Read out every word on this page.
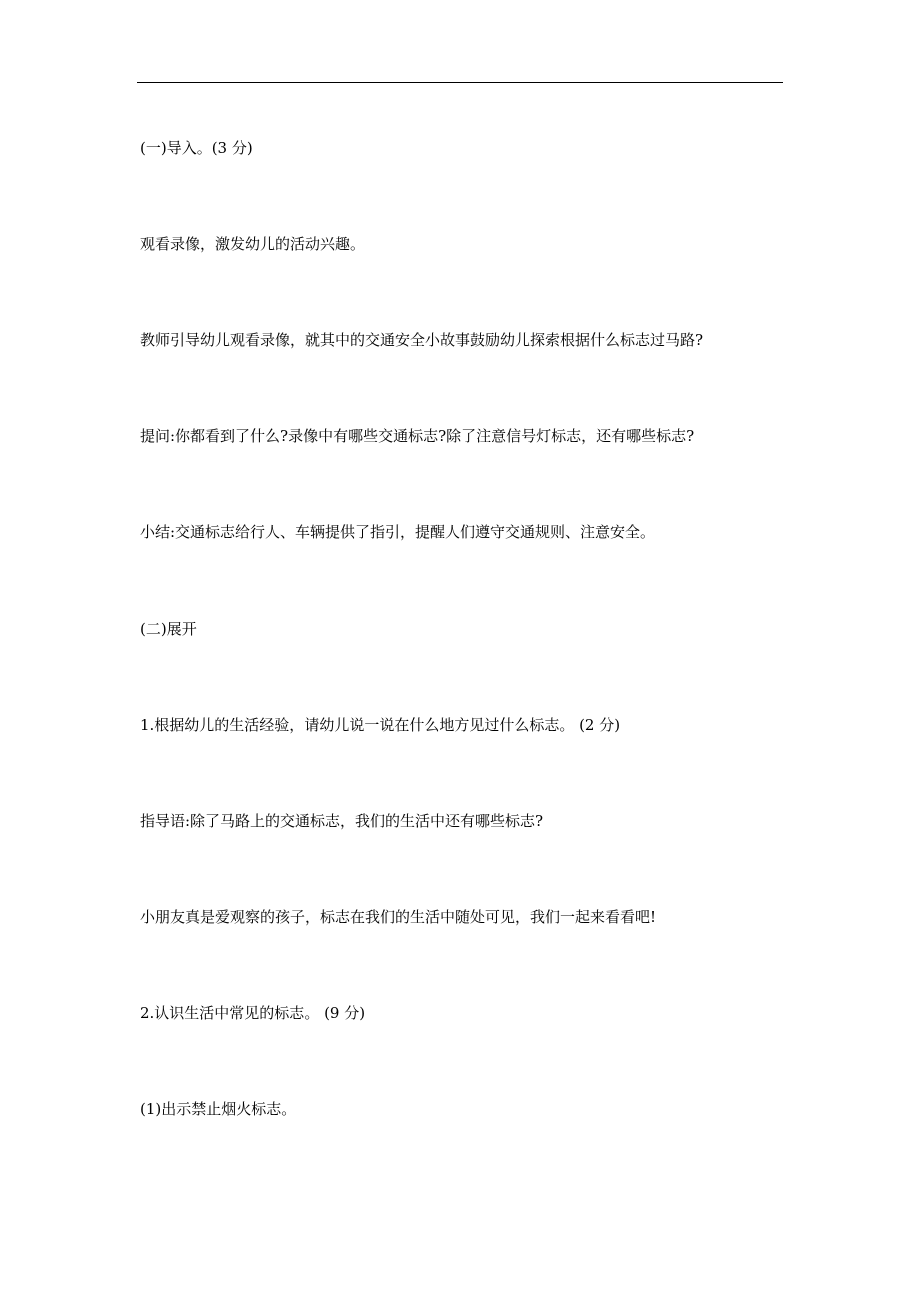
(一)导入。(3 分)
观看录像，激发幼儿的活动兴趣。
教师引导幼儿观看录像，就其中的交通安全小故事鼓励幼儿探索根据什么标志过马路?
提问:你都看到了什么?录像中有哪些交通标志?除了注意信号灯标志，还有哪些标志?
小结:交通标志给行人、车辆提供了指引，提醒人们遵守交通规则、注意安全。
(二)展开
1.根据幼儿的生活经验，请幼儿说一说在什么地方见过什么标志。 (2 分)
指导语:除了马路上的交通标志，我们的生活中还有哪些标志?
小朋友真是爱观察的孩子，标志在我们的生活中随处可见，我们一起来看看吧!
2.认识生活中常见的标志。 (9 分)
(1)出示禁止烟火标志。
